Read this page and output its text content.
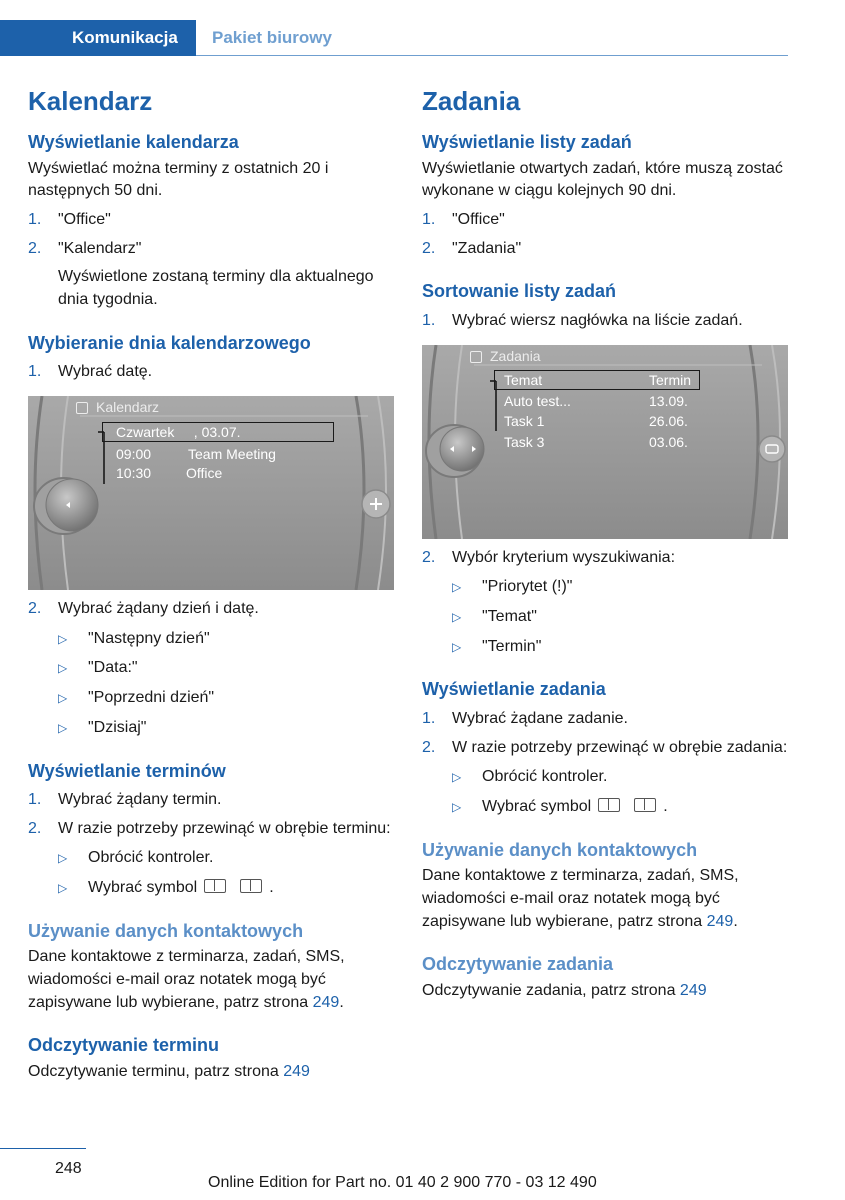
Komunikacja Pakiet biurowy
Kalendarz
Wyświetlanie kalendarza

Wyświetlać można terminy z ostatnich 20 i następnych 50 dni.

1.	"Office"
2.	"Kalendarz"
Wyświetlone zostaną terminy dla aktualnego dnia tygodnia.
Wybieranie dnia kalendarzowego
1.	Wybrać datę.
Kalendarz
Czwartek     , 03.07.
09:00	Team Meeting
10:30 Office
2.	Wybrać żądany dzień i datę.
▷	"Następny dzień"
▷	"Data:"
▷	"Poprzedni dzień"
▷	"Dzisiaj"
Wyświetlanie terminów
1.	Wybrać żądany termin.
2.	W razie potrzeby przewinąć w obrębie terminu:
▷	Obrócić kontroler.
▷	Wybrać symbol	.
Używanie danych kontaktowych

Dane kontaktowe z terminarza, zadań, SMS, wiadomości e-mail oraz notatek mogą być zapisywane lub wybierane, patrz strona 249.

Odczytywanie terminu

Odczytywanie terminu, patrz strona 249

Zadania
Wyświetlanie listy zadań

Wyświetlanie otwartych zadań, które muszą zostać wykonane w ciągu kolejnych 90 dni.

1.	"Office"
2.	"Zadania"
Sortowanie listy zadań
1.	Wybrać wiersz nagłówka na liście zadań.
Zadania
Temat	Termin
Auto test...	13.09.
Task 1	26.06.
Task 3	03.06.
2.	Wybór kryterium wyszukiwania:
▷	"Priorytet (!)"
▷	"Temat"
▷	"Termin"
Wyświetlanie zadania
1.	Wybrać żądane zadanie.
2.	W razie potrzeby przewinąć w obrębie zadania:
▷	Obrócić kontroler.
▷	Wybrać symbol	.
Używanie danych kontaktowych

Dane kontaktowe z terminarza, zadań, SMS, wiadomości e-mail oraz notatek mogą być zapisywane lub wybierane, patrz strona 249.

Odczytywanie zadania

Odczytywanie zadania, patrz strona 249

248
Online Edition for Part no. 01 40 2 900 770 - 03 12 490
